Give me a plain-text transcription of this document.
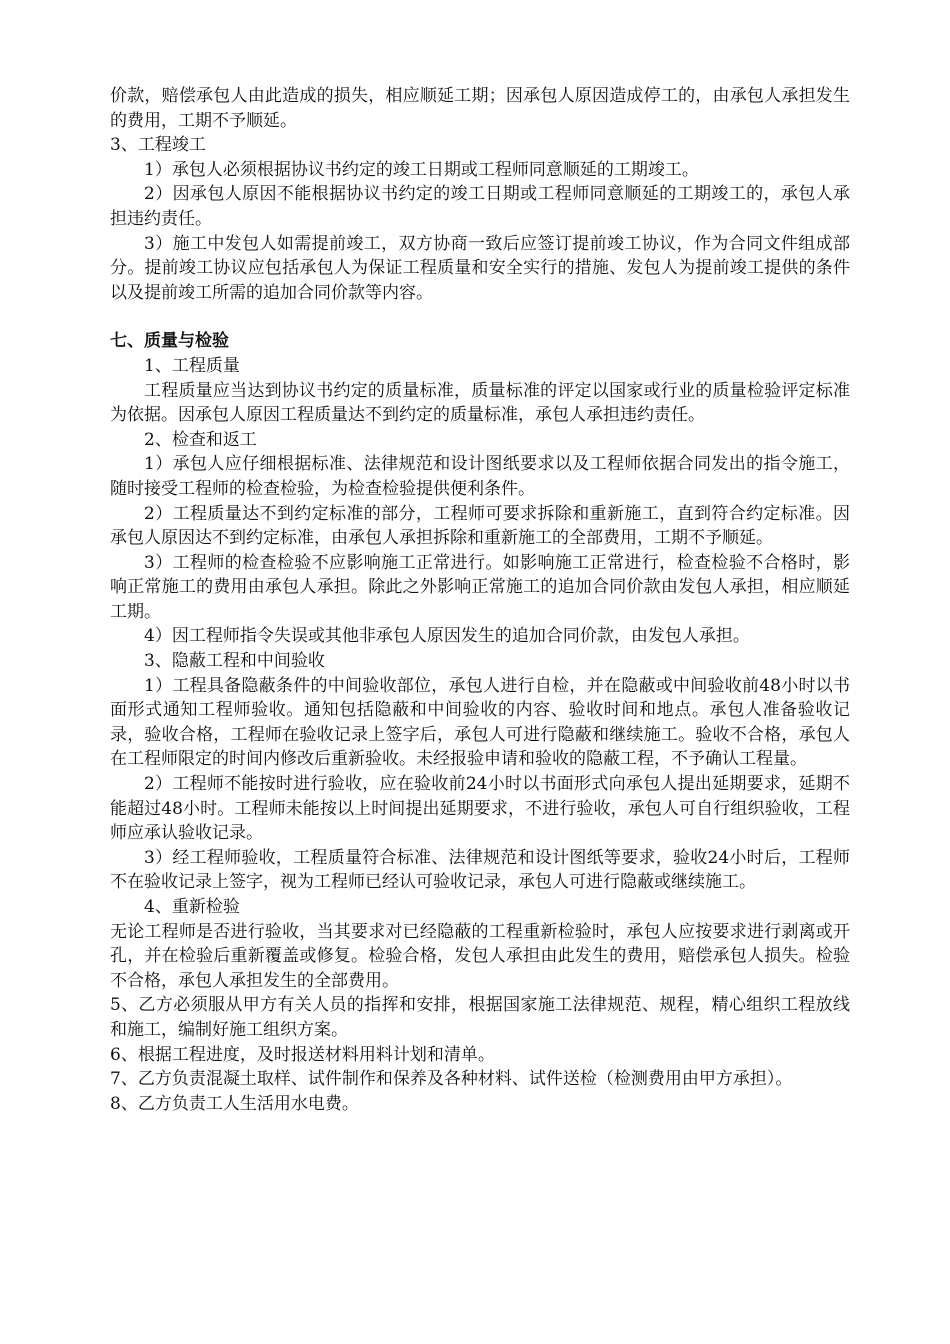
价款，赔偿承包人由此造成的损失，相应顺延工期；因承包人原因造成停工的，由承包人承担发生的费用，工期不予顺延。

3、工程竣工

1）承包人必须根据协议书约定的竣工日期或工程师同意顺延的工期竣工。

2）因承包人原因不能根据协议书约定的竣工日期或工程师同意顺延的工期竣工的，承包人承担违约责任。

3）施工中发包人如需提前竣工，双方协商一致后应签订提前竣工协议，作为合同文件组成部分。提前竣工协议应包括承包人为保证工程质量和安全实行的措施、发包人为提前竣工提供的条件以及提前竣工所需的追加合同价款等内容。

七、质量与检验

1、工程质量

工程质量应当达到协议书约定的质量标准，质量标准的评定以国家或行业的质量检验评定标准为依据。因承包人原因工程质量达不到约定的质量标准，承包人承担违约责任。

2、检查和返工

1）承包人应仔细根据标准、法律规范和设计图纸要求以及工程师依据合同发出的指令施工，随时接受工程师的检查检验，为检查检验提供便利条件。

2）工程质量达不到约定标准的部分，工程师可要求拆除和重新施工，直到符合约定标准。因承包人原因达不到约定标准，由承包人承担拆除和重新施工的全部费用，工期不予顺延。

3）工程师的检查检验不应影响施工正常进行。如影响施工正常进行，检查检验不合格时，影响正常施工的费用由承包人承担。除此之外影响正常施工的追加合同价款由发包人承担，相应顺延工期。

4）因工程师指令失误或其他非承包人原因发生的追加合同价款，由发包人承担。

3、隐蔽工程和中间验收

1）工程具备隐蔽条件的中间验收部位，承包人进行自检，并在隐蔽或中间验收前48小时以书面形式通知工程师验收。通知包括隐蔽和中间验收的内容、验收时间和地点。承包人准备验收记录，验收合格，工程师在验收记录上签字后，承包人可进行隐蔽和继续施工。验收不合格，承包人在工程师限定的时间内修改后重新验收。未经报验申请和验收的隐蔽工程，不予确认工程量。

2）工程师不能按时进行验收，应在验收前24小时以书面形式向承包人提出延期要求，延期不能超过48小时。工程师未能按以上时间提出延期要求，不进行验收，承包人可自行组织验收，工程师应承认验收记录。

3）经工程师验收，工程质量符合标准、法律规范和设计图纸等要求，验收24小时后，工程师不在验收记录上签字，视为工程师已经认可验收记录，承包人可进行隐蔽或继续施工。

4、重新检验

无论工程师是否进行验收，当其要求对已经隐蔽的工程重新检验时，承包人应按要求进行剥离或开孔，并在检验后重新覆盖或修复。检验合格，发包人承担由此发生的费用，赔偿承包人损失。检验不合格，承包人承担发生的全部费用。

5、乙方必须服从甲方有关人员的指挥和安排，根据国家施工法律规范、规程，精心组织工程放线和施工，编制好施工组织方案。

6、根据工程进度，及时报送材料用料计划和清单。

7、乙方负责混凝土取样、试件制作和保养及各种材料、试件送检（检测费用由甲方承担）。

8、乙方负责工人生活用水电费。
